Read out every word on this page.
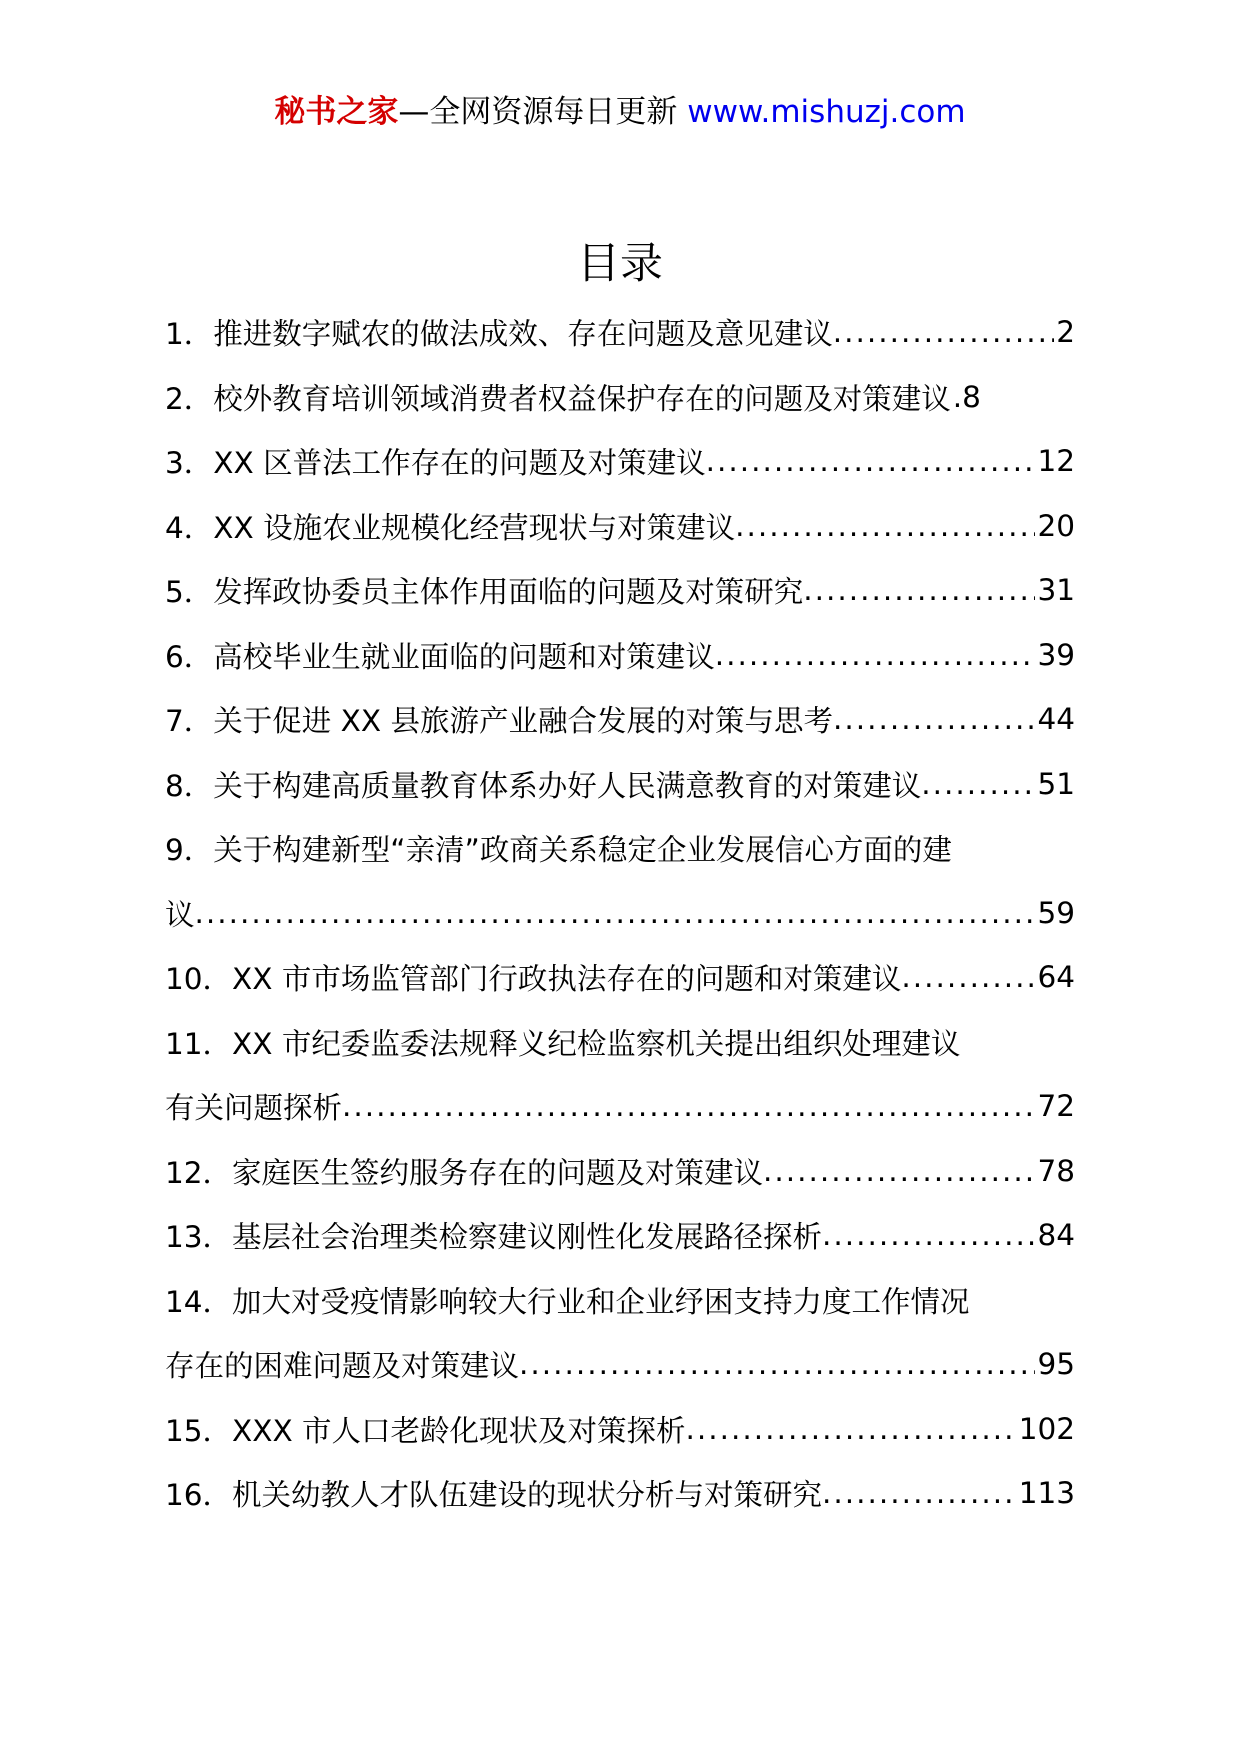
秘书之家—全网资源每日更新 www.mishuzj.com
目录
1．推进数字赋农的做法成效、存在问题及意见建议 .....	2
2．校外教育培训领域消费者权益保护存在的问题及对策建议 .8
3．XX 区普法工作存在的问题及对策建议 .....	12
4．XX 设施农业规模化经营现状与对策建议 .....	20
5．发挥政协委员主体作用面临的问题及对策研究 .....	31
6．高校毕业生就业面临的问题和对策建议 .....	39
7．关于促进 XX 县旅游产业融合发展的对策与思考 .....	44
8．关于构建高质量教育体系办好人民满意教育的对策建议 .....	51
9．关于构建新型“亲清”政商关系稳定企业发展信心方面的建
议 .....	59
10．XX 市市场监管部门行政执法存在的问题和对策建议 .....	64
11．XX 市纪委监委法规释义纪检监察机关提出组织处理建议
有关问题探析 .....	72
12．家庭医生签约服务存在的问题及对策建议 .....	78
13．基层社会治理类检察建议刚性化发展路径探析 .....	84
14．加大对受疫情影响较大行业和企业纾困支持力度工作情况
存在的困难问题及对策建议 .....	95
15．XXX 市人口老龄化现状及对策探析 .....	102
16．机关幼教人才队伍建设的现状分析与对策研究 .....	113
